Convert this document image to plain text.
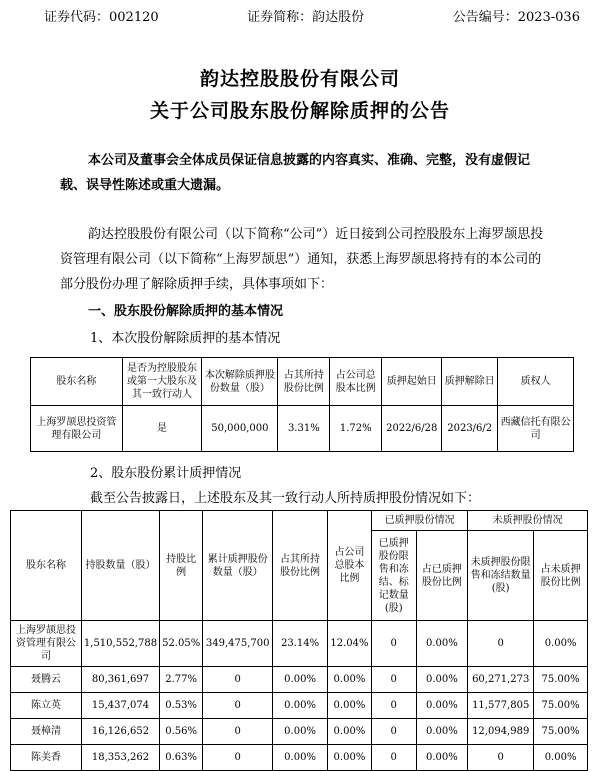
证券代码：002120	证券简称：韵达股份	公告编号：2023-036
韵达控股股份有限公司
关于公司股东股份解除质押的公告
本公司及董事会全体成员保证信息披露的内容真实、准确、完整，没有虚假记载、误导性陈述或重大遗漏。
韵达控股股份有限公司（以下简称“公司”）近日接到公司控股股东上海罗颉思投资管理有限公司（以下简称“上海罗颉思”）通知，获悉上海罗颉思将持有的本公司的部分股份办理了解除质押手续，具体事项如下：
一、股东股份解除质押的基本情况
1、本次股份解除质押的基本情况
股东名称	是否为控股股东或第一大股东及其一致行动人	本次解除质押股份数量（股）	占其所持股份比例	占公司总股本比例	质押起始日	质押解除日	质权人
上海罗颉思投资管理有限公司	是	50,000,000	3.31%	1.72%	2022/6/28	2023/6/2	西藏信托有限公司
2、股东股份累计质押情况
截至公告披露日，上述股东及其一致行动人所持质押股份情况如下：
股东名称	持股数量（股）	持股比例	累计质押股份数量（股）	占其所持股份比例	占公司总股本比例	已质押股份情况		未质押股份情况	
						已质押股份限售和冻结、标记数量(股)	占已质押股份比例	未质押股份限售和冻结数量(股)	占未质押股份比例
上海罗颉思投资管理有限公司	1,510,552,788	52.05%	349,475,700	23.14%	12.04%	0	0.00%	0	0.00%
聂腾云	80,361,697	2.77%	0	0.00%	0.00%	0	0.00%	60,271,273	75.00%
陈立英	15,437,074	0.53%	0	0.00%	0.00%	0	0.00%	11,577,805	75.00%
聂樟清	16,126,652	0.56%	0	0.00%	0.00%	0	0.00%	12,094,989	75.00%
陈美香	18,353,262	0.63%	0	0.00%	0.00%	0	0.00%	0	0.00%
